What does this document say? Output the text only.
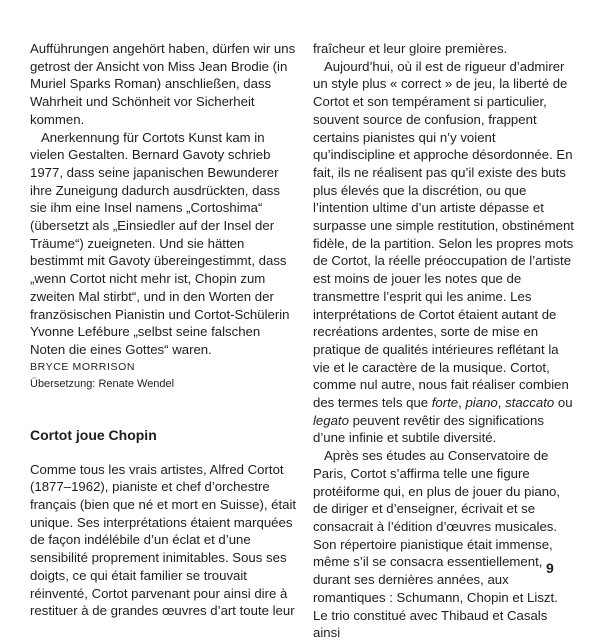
Aufführungen angehört haben, dürfen wir uns getrost der Ansicht von Miss Jean Brodie (in Muriel Sparks Roman) anschließen, dass Wahrheit und Schönheit vor Sicherheit kommen.

Anerkennung für Cortots Kunst kam in vielen Gestalten. Bernard Gavoty schrieb 1977, dass seine japanischen Bewunderer ihre Zuneigung dadurch ausdrückten, dass sie ihm eine Insel namens „Cortoshima“ (übersetzt als „Einsiedler auf der Insel der Träume“) zueigneten. Und sie hätten bestimmt mit Gavoty übereingestimmt, dass „wenn Cortot nicht mehr ist, Chopin zum zweiten Mal stirbt“, und in den Worten der französischen Pianistin und Cortot-Schülerin Yvonne Lefébure „selbst seine falschen Noten die eines Gottes“ waren.

BRYCE MORRISON
Übersetzung: Renate Wendel
Cortot joue Chopin

Comme tous les vrais artistes, Alfred Cortot (1877–1962), pianiste et chef d’orchestre français (bien que né et mort en Suisse), était unique. Ses interprétations étaient marquées de façon indélébile d’un éclat et d’une sensibilité proprement inimitables. Sous ses doigts, ce qui était familier se trouvait réinventé, Cortot parvenant pour ainsi dire à restituer à de grandes œuvres d’art toute leur

fraîcheur et leur gloire premières.

Aujourd’hui, où il est de rigueur d’admirer un style plus « correct » de jeu, la liberté de Cortot et son tempérament si particulier, souvent source de confusion, frappent certains pianistes qui n’y voient qu’indiscipline et approche désordonnée. En fait, ils ne réalisent pas qu’il existe des buts plus élevés que la discrétion, ou que l’intention ultime d’un artiste dépasse et surpasse une simple restitution, obstinément fidèle, de la partition. Selon les propres mots de Cortot, la réelle préoccupation de l’artiste est moins de jouer les notes que de transmettre l’esprit qui les anime. Les interprétations de Cortot étaient autant de recréations ardentes, sorte de mise en pratique de qualités intérieures reflétant la vie et le caractère de la musique. Cortot, comme nul autre, nous fait réaliser combien des termes tels que forte, piano, staccato ou legato peuvent revêtir des significations d’une infinie et subtile diversité.

Après ses études au Conservatoire de Paris, Cortot s’affirma telle une figure protéiforme qui, en plus de jouer du piano, de diriger et d’enseigner, écrivait et se consacrait à l’édition d’œuvres musicales. Son répertoire pianistique était immense, même s’il se consacra essentiellement, durant ses dernières années, aux romantiques : Schumann, Chopin et Liszt. Le trio constitué avec Thibaud et Casals ainsi

9
